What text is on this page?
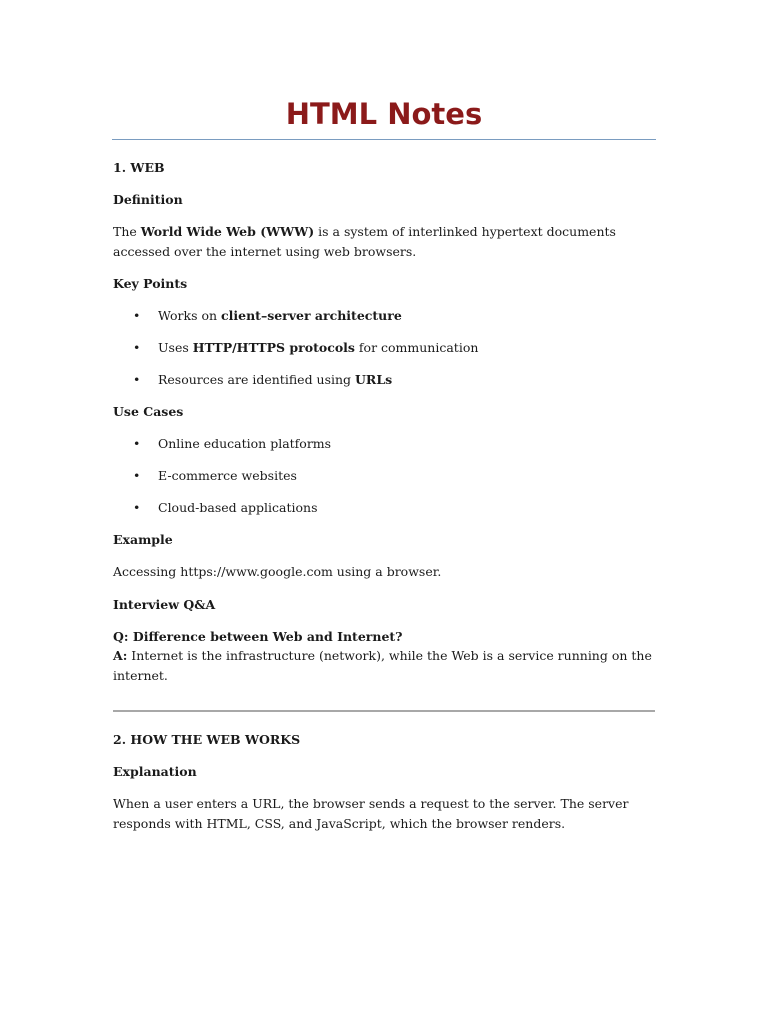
HTML Notes
1. WEB
Definition
The World Wide Web (WWW) is a system of interlinked hypertext documents accessed over the internet using web browsers.
Key Points
• Works on client–server architecture
• Uses HTTP/HTTPS protocols for communication
• Resources are identified using URLs
Use Cases
• Online education platforms
• E-commerce websites
• Cloud-based applications
Example
Accessing https://www.google.com using a browser.
Interview Q&A
Q: Difference between Web and Internet?
A: Internet is the infrastructure (network), while the Web is a service running on the internet.
2. HOW THE WEB WORKS
Explanation
When a user enters a URL, the browser sends a request to the server. The server responds with HTML, CSS, and JavaScript, which the browser renders.
